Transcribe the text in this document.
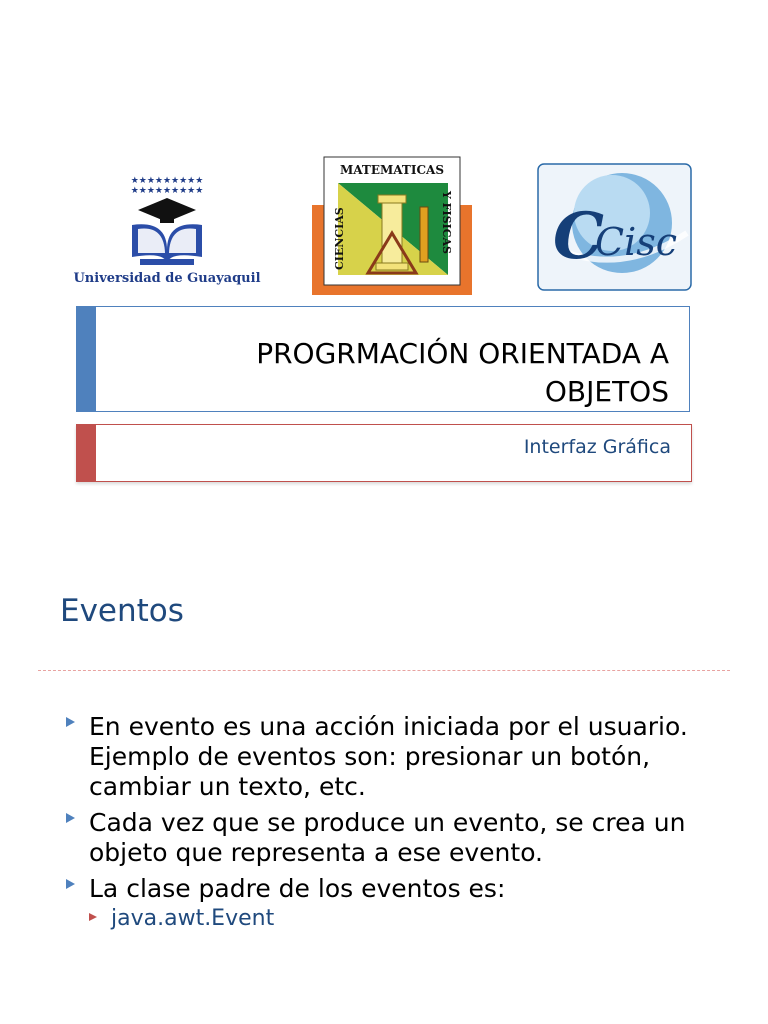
★★★★★★★★★
★★★★★★★★★
Universidad de Guayaquil
MATEMATICAS
CIENCIAS	Y FISICAS C
Cisc
PROGRMACIÓN ORIENTADA A
OBJETOS
Interfaz Gráfica
Eventos
En evento es una acción iniciada por el usuario. Ejemplo de eventos son: presionar un botón, cambiar un texto, etc.
Cada vez que se produce un evento, se crea un objeto que representa a ese evento.
La clase padre de los eventos es:
java.awt.Event
